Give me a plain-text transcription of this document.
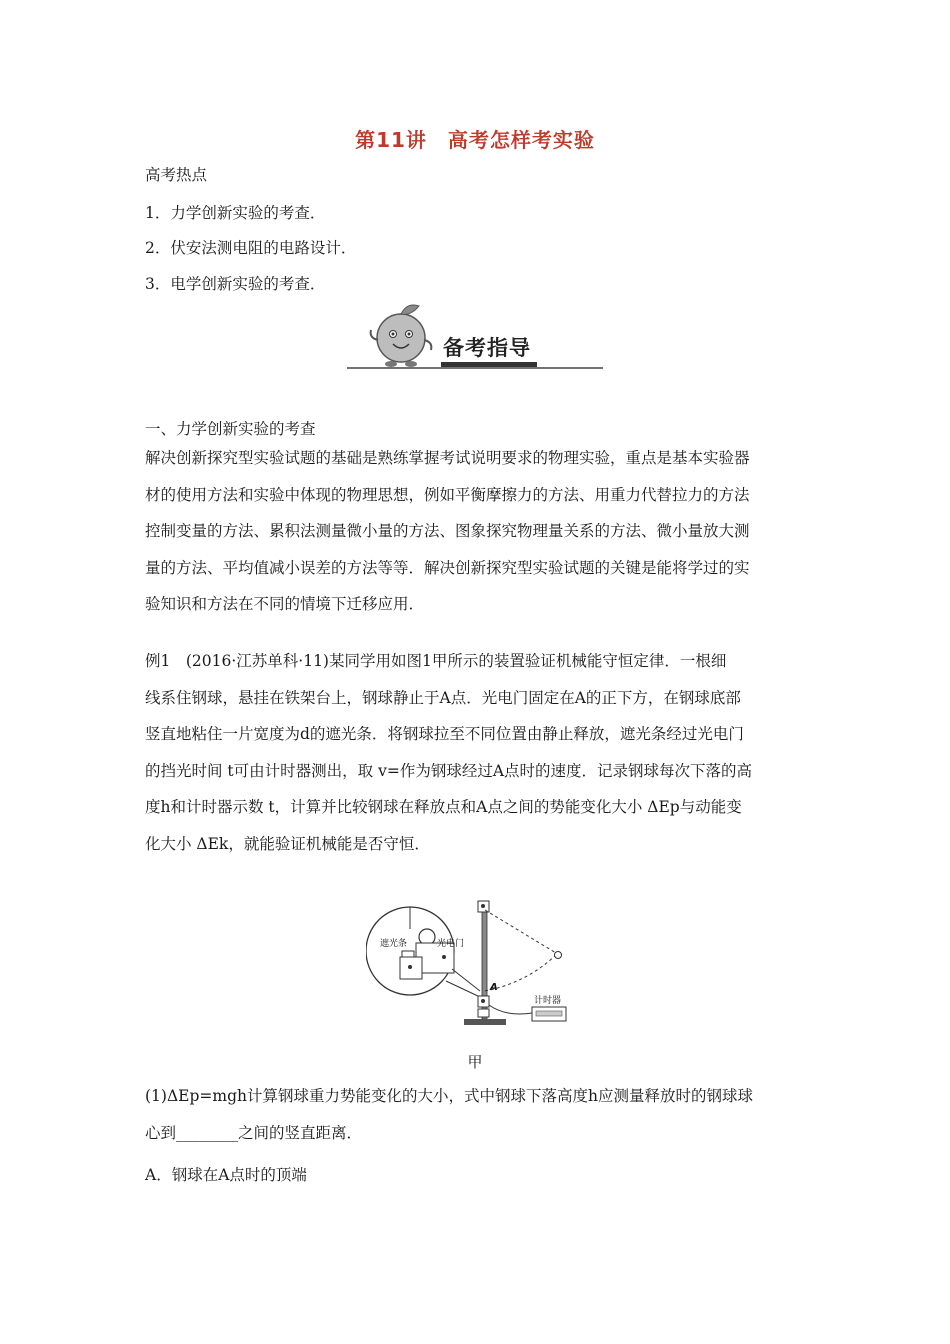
第11讲　高考怎样考实验
高考热点
1．力学创新实验的考查．
2．伏安法测电阻的电路设计．
3．电学创新实验的考查．
备考指导
一、力学创新实验的考查
解决创新探究型实验试题的基础是熟练掌握考试说明要求的物理实验，重点是基本实验器
材的使用方法和实验中体现的物理思想，例如平衡摩擦力的方法、用重力代替拉力的方法
控制变量的方法、累积法测量微小量的方法、图象探究物理量关系的方法、微小量放大测
量的方法、平均值减小误差的方法等等．解决创新探究型实验试题的关键是能将学过的实
验知识和方法在不同的情境下迁移应用．
例1　(2016·江苏单科·11)某同学用如图1甲所示的装置验证机械能守恒定律．一根细
线系住钢球，悬挂在铁架台上，钢球静止于A点．光电门固定在A的正下方，在钢球底部
竖直地粘住一片宽度为d的遮光条．将钢球拉至不同位置由静止释放，遮光条经过光电门
的挡光时间 t可由计时器测出，取 v=作为钢球经过A点时的速度．记录钢球每次下落的高
度h和计时器示数 t，计算并比较钢球在释放点和A点之间的势能变化大小 ΔEp与动能变
化大小 ΔEk，就能验证机械能是否守恒．
遮光条	光电门
A
计时器
甲
(1)ΔEp=mgh计算钢球重力势能变化的大小，式中钢球下落高度h应测量释放时的钢球球
心到________之间的竖直距离．
A．钢球在A点时的顶端
